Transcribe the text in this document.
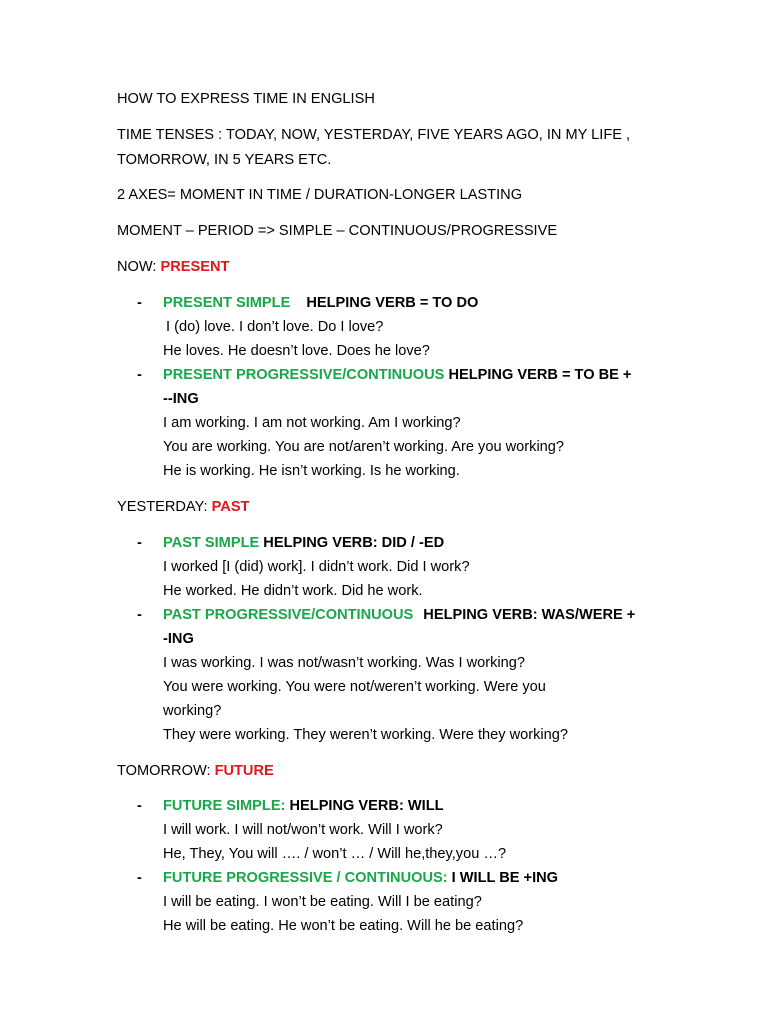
HOW TO EXPRESS TIME IN ENGLISH
TIME TENSES : TODAY, NOW, YESTERDAY, FIVE YEARS AGO, IN MY LIFE ,
TOMORROW, IN 5 YEARS ETC.
2 AXES= MOMENT IN TIME / DURATION-LONGER LASTING
MOMENT – PERIOD => SIMPLE – CONTINUOUS/PROGRESSIVE
NOW: PRESENT
- PRESENT SIMPLE HELPING VERB = TO DO
I (do) love. I don’t love. Do I love?
He loves. He doesn’t love. Does he love?
- PRESENT PROGRESSIVE/CONTINUOUS HELPING VERB = TO BE +
--ING
I am working. I am not working. Am I working?
You are working. You are not/aren’t working. Are you working?
He is working. He isn’t working. Is he working.
YESTERDAY: PAST
- PAST SIMPLE HELPING VERB: DID / -ED
I worked [I (did) work]. I didn’t work. Did I work?
He worked. He didn’t work. Did he work.
- PAST PROGRESSIVE/CONTINUOUS HELPING VERB: WAS/WERE +
-ING
I was working. I was not/wasn’t working. Was I working?
You were working. You were not/weren’t working. Were you
working?
They were working. They weren’t working. Were they working?
TOMORROW: FUTURE
- FUTURE SIMPLE: HELPING VERB: WILL
I will work. I will not/won’t work. Will I work?
He, They, You will …. / won’t … / Will he,they,you …?
- FUTURE PROGRESSIVE / CONTINUOUS: I WILL BE +ING
I will be eating. I won’t be eating. Will I be eating?
He will be eating. He won’t be eating. Will he be eating?
